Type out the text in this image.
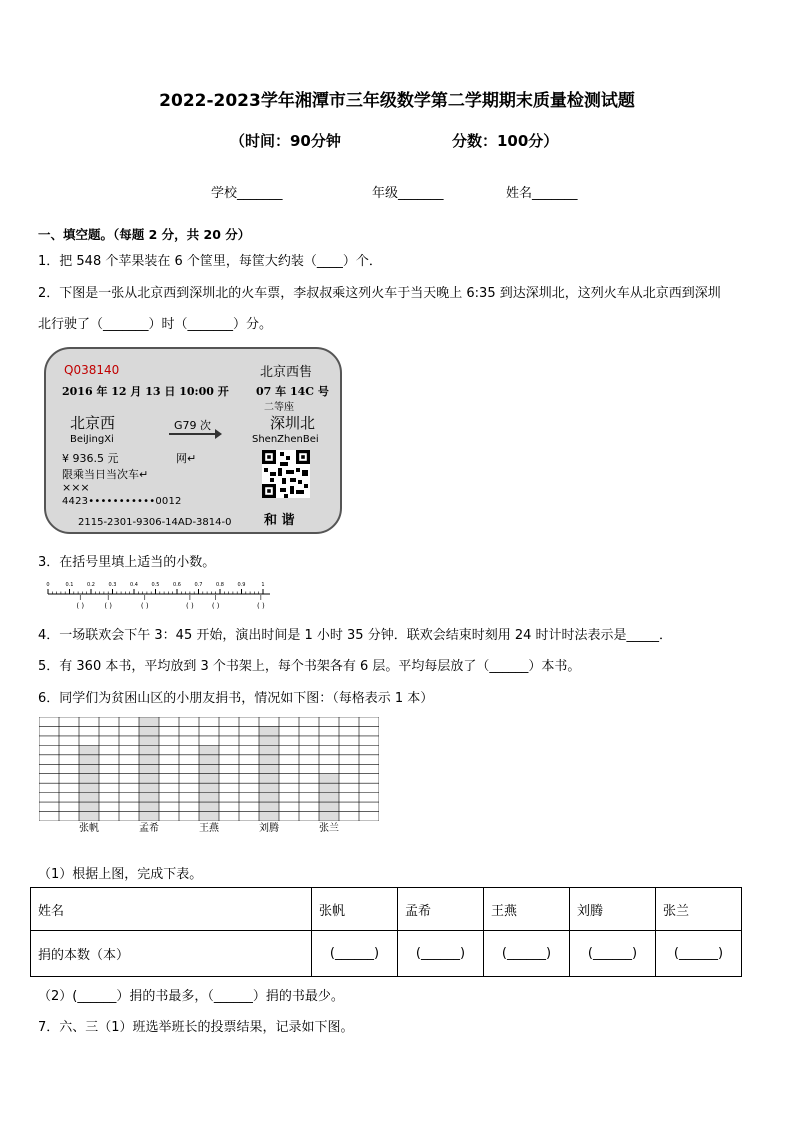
2022-2023学年湘潭市三年级数学第二学期期末质量检测试题
（时间：90分钟	分数：100分）
学校_______	年级_______	姓名_______
一、填空题。（每题 2 分，共 20 分）
1．把 548 个苹果装在 6 个筐里，每筐大约装（____）个．
2．下图是一张从北京西到深圳北的火车票，李叔叔乘这列火车于当天晚上 6:35 到达深圳北，这列火车从北京西到深圳
北行驶了（_______）时（_______）分。
Q038140	北京西售
2016 年 12 月 13 日 10:00 开 07 车 14C 号
二等座
北京西	G79 次	深圳北
BeiJingXi	ShenZhenBei
¥ 936.5 元	网↵
限乘当日当次车↵
×××
4423•••••••••••0012
和 谐
2115-2301-9306-14AD-3814-0
3．在括号里填上适当的小数。
0	0.1	0.2	0.3	0.4	0.5	0.6	0.7	0.8	0.9	1
( )	( )	( )	( )	( )	( )
4．一场联欢会下午 3：45 开始，演出时间是 1 小时 35 分钟．联欢会结束时刻用 24 时计时法表示是_____．
5．有 360 本书，平均放到 3 个书架上，每个书架各有 6 层。平均每层放了（______）本书。
6．同学们为贫困山区的小朋友捐书，情况如下图：（每格表示 1 本）
张帆	孟希	王燕	刘腾	张兰
（1）根据上图，完成下表。
姓名	张帆	孟希	王燕	刘腾	张兰
捐的本数（本）	(______)	(______)	(______)	(______)	(______)
（2）(______）捐的书最多，（______）捐的书最少。
7．六、三（1）班选举班长的投票结果，记录如下图。
